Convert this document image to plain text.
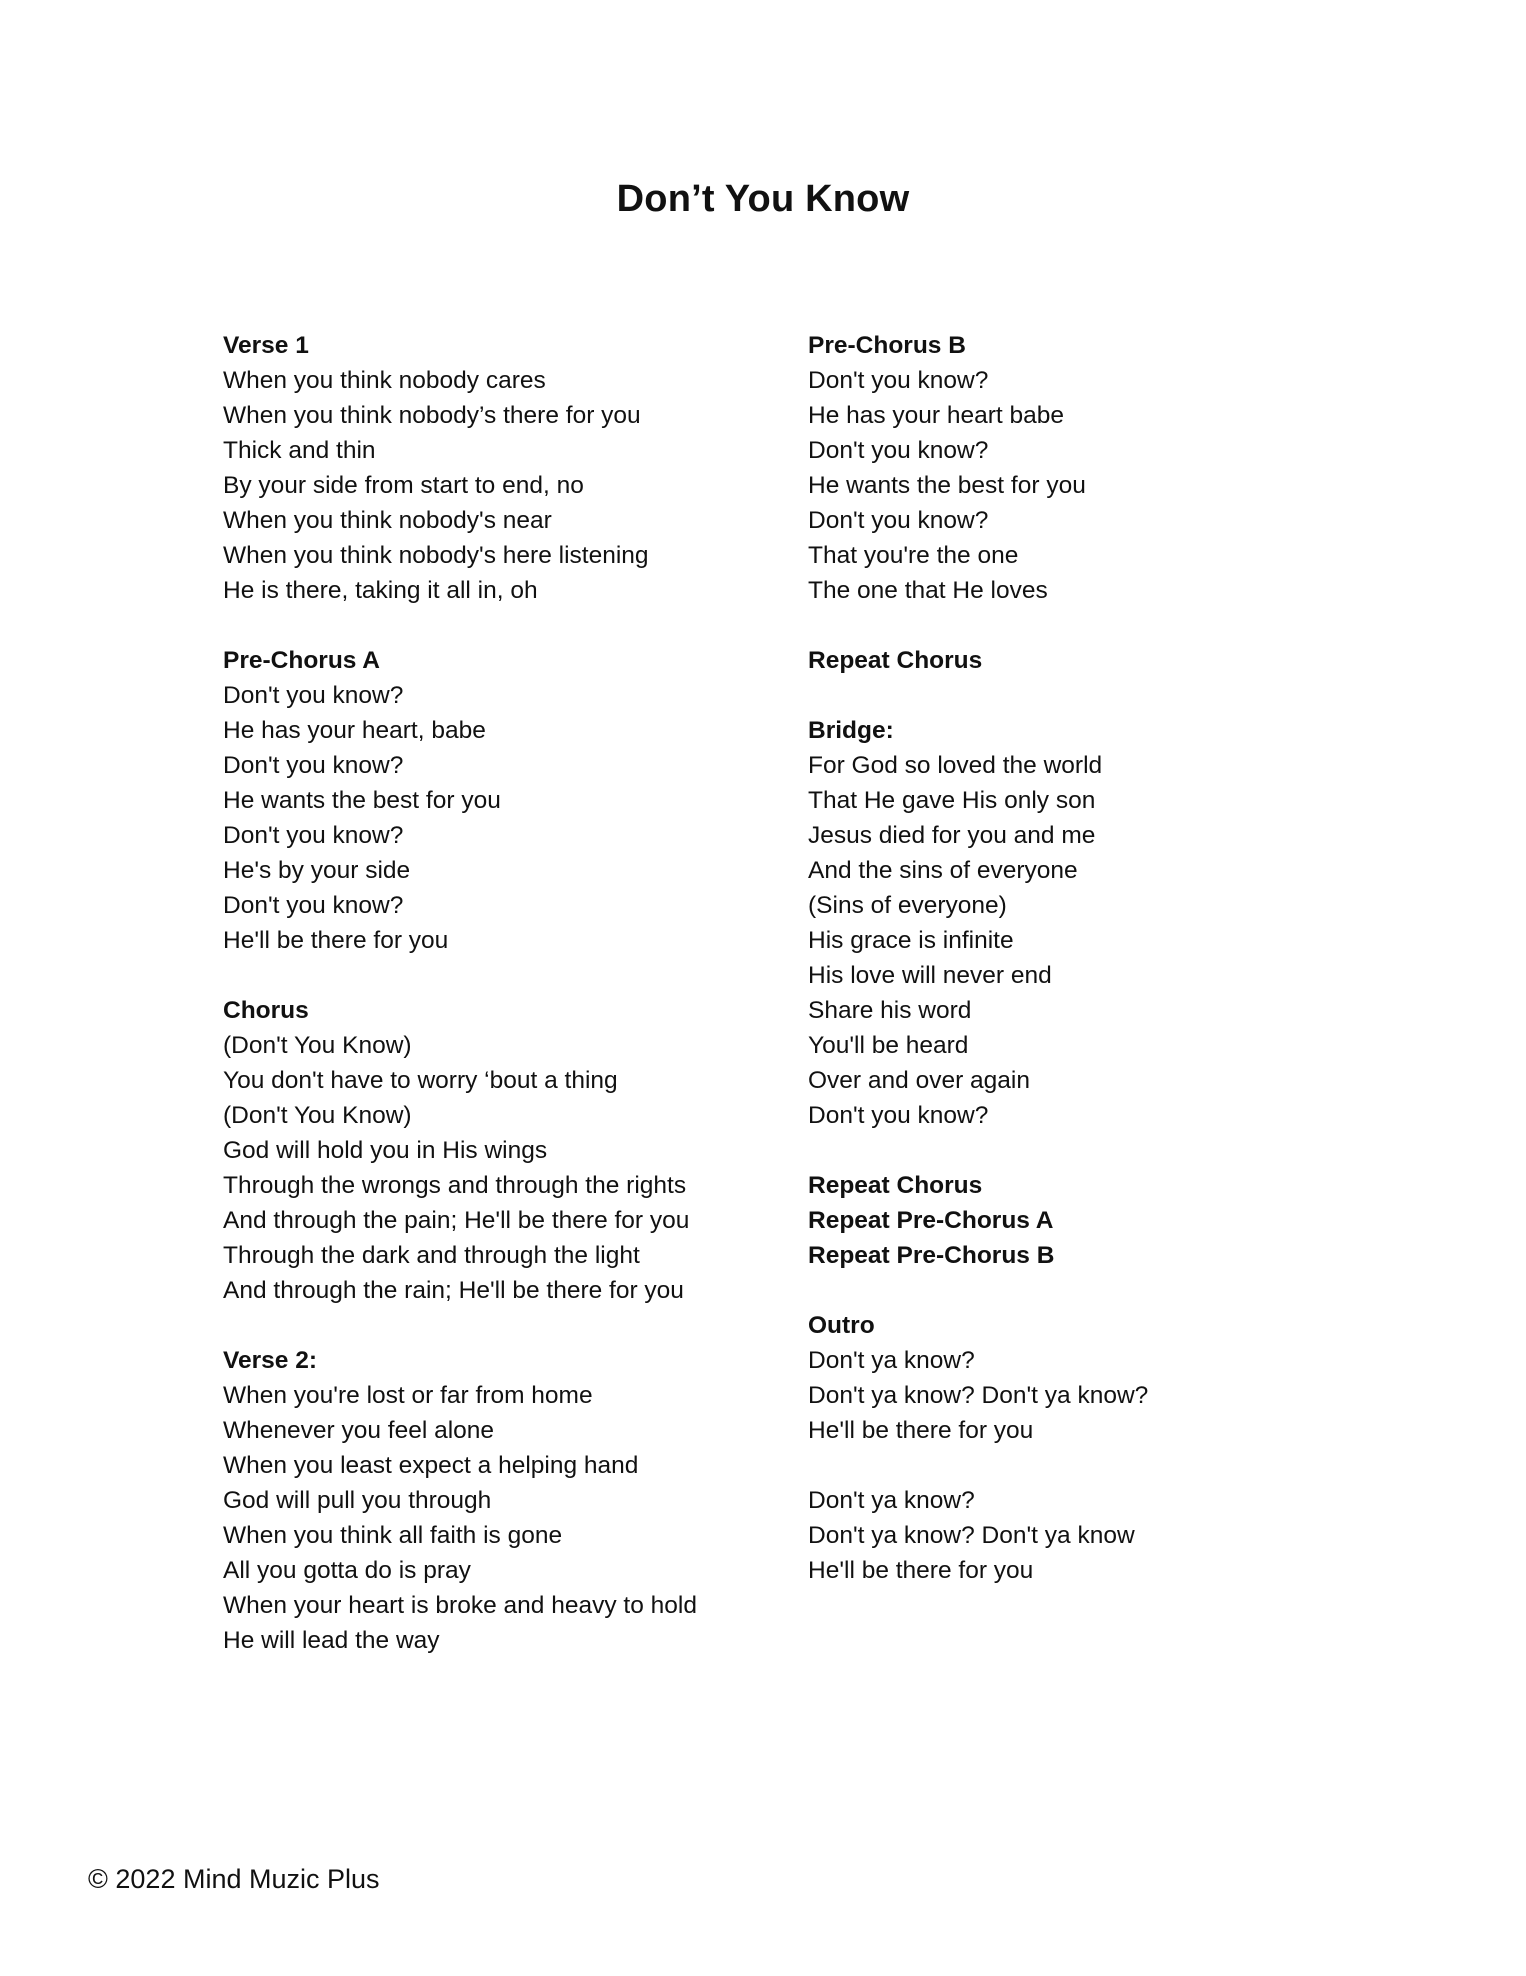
Don’t You Know
Verse 1
When you think nobody cares
When you think nobody’s there for you
Thick and thin
By your side from start to end, no
When you think nobody's near
When you think nobody's here listening
He is there, taking it all in, oh
Pre-Chorus A
Don't you know?
He has your heart, babe
Don't you know?
He wants the best for you
Don't you know?
He's by your side
Don't you know?
He'll be there for you
Chorus
(Don't You Know)
You don't have to worry ‘bout a thing
(Don't You Know)
God will hold you in His wings
Through the wrongs and through the rights
And through the pain; He'll be there for you
Through the dark and through the light
And through the rain; He'll be there for you
Verse 2:
When you're lost or far from home
Whenever you feel alone
When you least expect a helping hand
God will pull you through
When you think all faith is gone
All you gotta do is pray
When your heart is broke and heavy to hold
He will lead the way
Pre-Chorus B
Don't you know?
He has your heart babe
Don't you know?
He wants the best for you
Don't you know?
That you're the one
The one that He loves
Repeat Chorus
Bridge:
For God so loved the world
That He gave His only son
Jesus died for you and me
And the sins of everyone
(Sins of everyone)
His grace is infinite
His love will never end
Share his word
You'll be heard
Over and over again
Don't you know?
Repeat Chorus
Repeat Pre-Chorus A
Repeat Pre-Chorus B
Outro
Don't ya know?
Don't ya know? Don't ya know?
He'll be there for you
Don't ya know?
Don't ya know? Don't ya know
He'll be there for you
© 2022 Mind Muzic Plus
